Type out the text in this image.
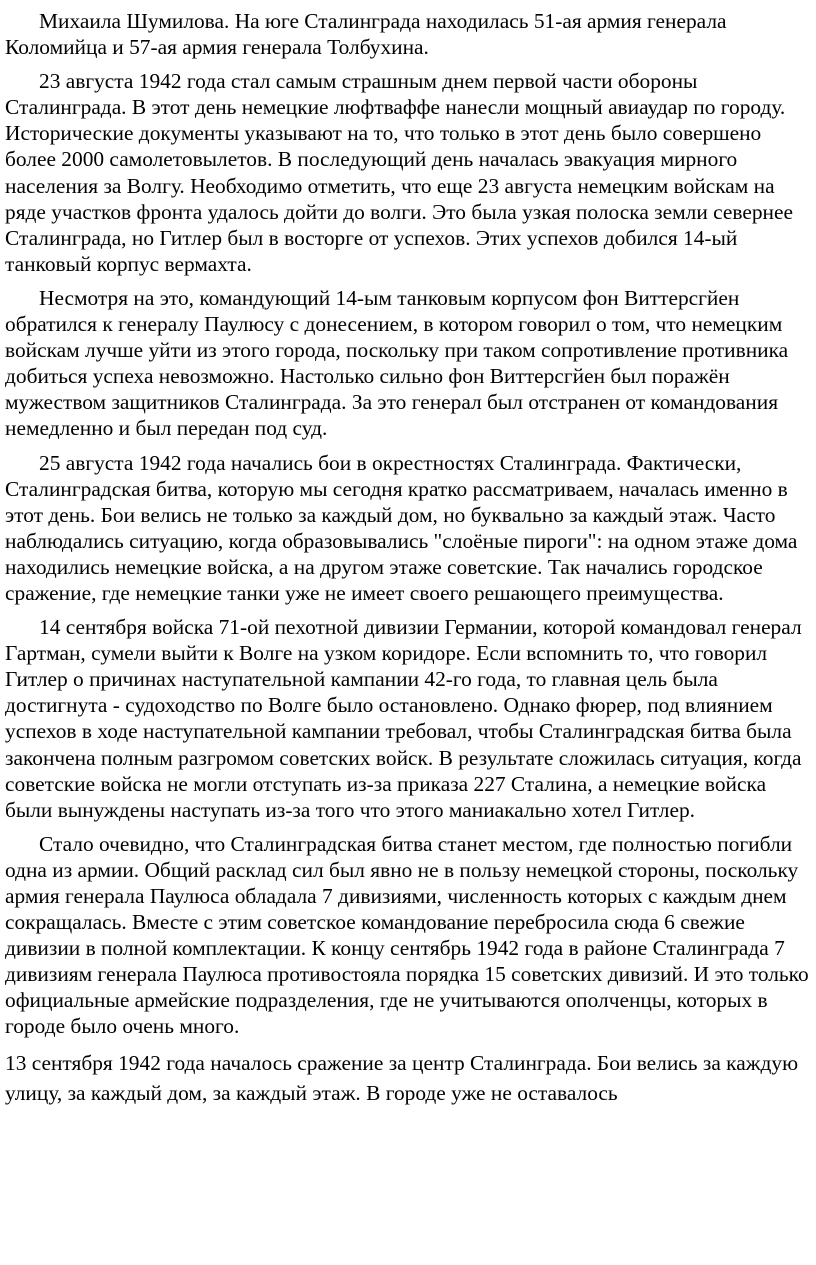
Михаила Шумилова. На юге Сталинграда находилась 51-ая армия генерала Коломийца и 57-ая армия генерала Толбухина.

23 августа 1942 года стал самым страшным днем первой части обороны Сталинграда. В этот день немецкие люфтваффе нанесли мощный авиаудар по городу. Исторические документы указывают на то, что только в этот день было совершено более 2000 самолетовылетов. В последующий день началась эвакуация мирного населения за Волгу. Необходимо отметить, что еще 23 августа немецким войскам на ряде участков фронта удалось дойти до волги. Это была узкая полоска земли севернее Сталинграда, но Гитлер был в восторге от успехов. Этих успехов добился 14-ый танковый корпус вермахта.

Несмотря на это, командующий 14-ым танковым корпусом фон Виттерсгйен обратился к генералу Паулюсу с донесением, в котором говорил о том, что немецким войскам лучше уйти из этого города, поскольку при таком сопротивление противника добиться успеха невозможно. Настолько сильно фон Виттерсгйен был поражён мужеством защитников Сталинграда. За это генерал был отстранен от командования немедленно и был передан под суд.

25 августа 1942 года начались бои в окрестностях Сталинграда. Фактически, Сталинградская битва, которую мы сегодня кратко рассматриваем, началась именно в этот день. Бои велись не только за каждый дом, но буквально за каждый этаж. Часто наблюдались ситуацию, когда образовывались "слоёные пироги": на одном этаже дома находились немецкие войска, а на другом этаже советские. Так начались городское сражение, где немецкие танки уже не имеет своего решающего преимущества.

14 сентября войска 71-ой пехотной дивизии Германии, которой командовал генерал Гартман, сумели выйти к Волге на узком коридоре. Если вспомнить то, что говорил Гитлер о причинах наступательной кампании 42-го года, то главная цель была достигнута - судоходство по Волге было остановлено. Однако фюрер, под влиянием успехов в ходе наступательной кампании требовал, чтобы Сталинградская битва была закончена полным разгромом советских войск. В результате сложилась ситуация, когда советские войска не могли отступать из-за приказа 227 Сталина, а немецкие войска были вынуждены наступать из-за того что этого маниакально хотел Гитлер.

Стало очевидно, что Сталинградская битва станет местом, где полностью погибли одна из армии. Общий расклад сил был явно не в пользу немецкой стороны, поскольку армия генерала Паулюса обладала 7 дивизиями, численность которых с каждым днем сокращалась. Вместе с этим советское командование перебросила сюда 6 свежие дивизии в полной комплектации. К концу сентябрь 1942 года в районе Сталинграда 7 дивизиям генерала Паулюса противостояла порядка 15 советских дивизий. И это только официальные армейские подразделения, где не учитываются ополченцы, которых в городе было очень много.

13 сентября 1942 года началось сражение за центр Сталинграда. Бои велись за каждую улицу, за каждый дом, за каждый этаж. В городе уже не оставалось
